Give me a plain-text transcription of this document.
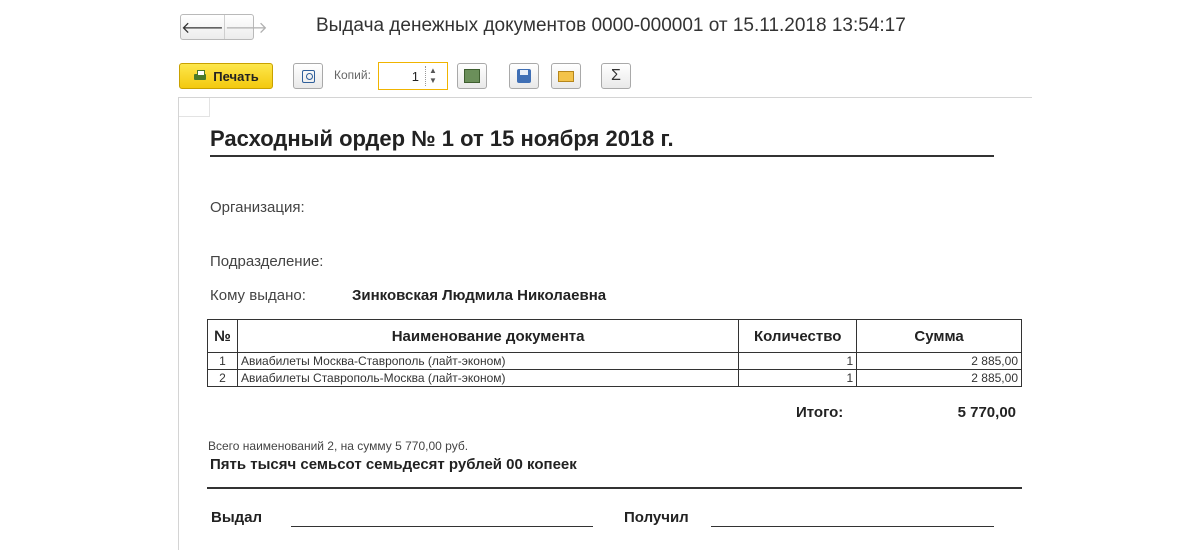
🡐 🡒	Выдача денежных документов 0000-000001 от 15.11.2018 13:54:17
Печать	Копий:	1 ▲
▼	Σ
Расходный ордер № 1 от 15 ноября 2018 г.
Организация:
Подразделение:
Кому выдано:	Зинковская Людмила Николаевна
№	Наименование документа	Количество	Сумма
1	Авиабилеты Москва-Ставрополь (лайт-эконом)	1	2 885,00
2	Авиабилеты Ставрополь-Москва (лайт-эконом)	1	2 885,00
Итого:	5 770,00
Всего наименований 2, на сумму 5 770,00 руб.
Пять тысяч семьсот семьдесят рублей 00 копеек
Выдал	Получил
